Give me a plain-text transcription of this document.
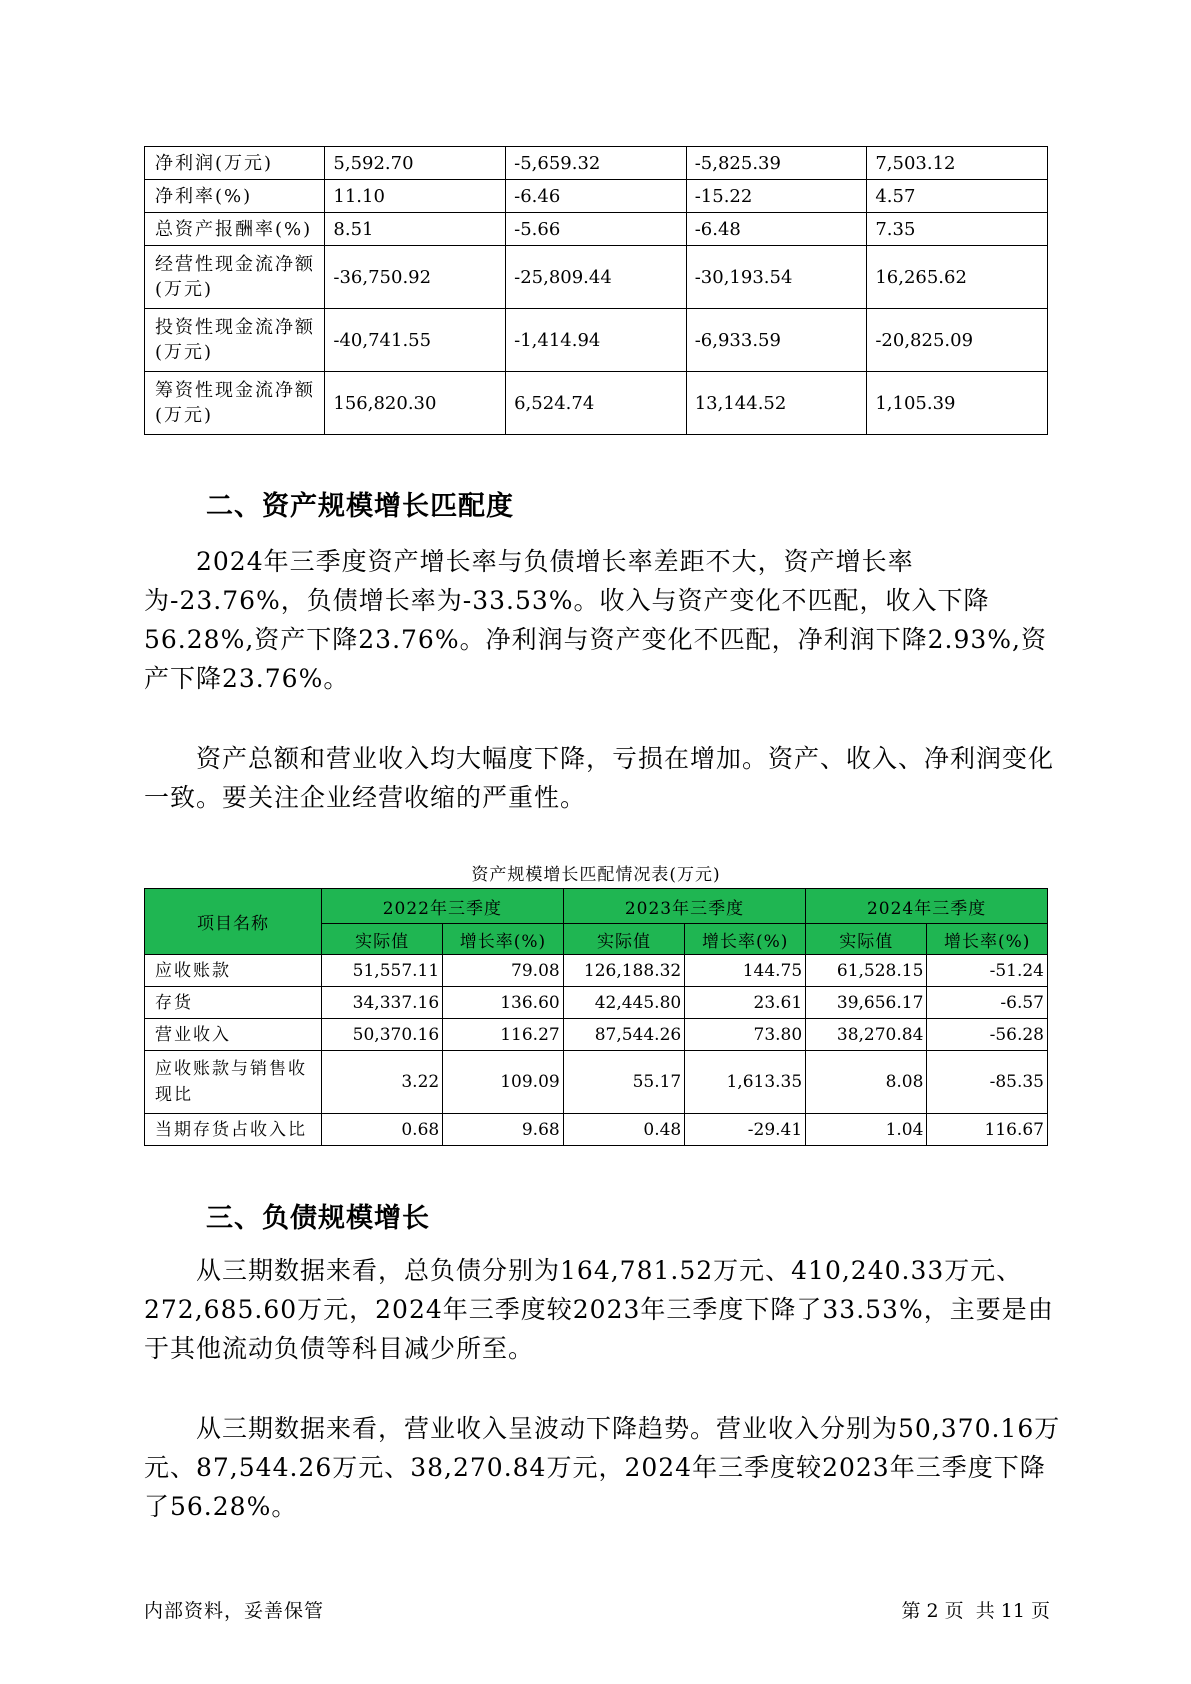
净利润(万元)	5,592.70	-5,659.32	-5,825.39	7,503.12
净利率(%)	11.10	-6.46	-15.22	4.57
总资产报酬率(%)	8.51	-5.66	-6.48	7.35
经营性现金流净额(万元)	-36,750.92	-25,809.44	-30,193.54	16,265.62
投资性现金流净额(万元)	-40,741.55	-1,414.94	-6,933.59	-20,825.09
筹资性现金流净额(万元)	156,820.30	6,524.74	13,144.52	1,105.39
二、资产规模增长匹配度

2024年三季度资产增长率与负债增长率差距不大，资产增长率为-23.76%，负债增长率为-33.53%。收入与资产变化不匹配，收入下降56.28%,资产下降23.76%。净利润与资产变化不匹配，净利润下降2.93%,资产下降23.76%。

资产总额和营业收入均大幅度下降，亏损在增加。资产、收入、净利润变化一致。要关注企业经营收缩的严重性。

资产规模增长匹配情况表(万元)
项目名称	2022年三季度		2023年三季度		2024年三季度	
	实际值	增长率(%)	实际值	增长率(%)	实际值	增长率(%)
应收账款	51,557.11	79.08	126,188.32	144.75	61,528.15	-51.24
存货	34,337.16	136.60	42,445.80	23.61	39,656.17	-6.57
营业收入	50,370.16	116.27	87,544.26	73.80	38,270.84	-56.28
应收账款与销售收现比	3.22	109.09	55.17	1,613.35	8.08	-85.35
当期存货占收入比	0.68	9.68	0.48	-29.41	1.04	116.67
三、负债规模增长

从三期数据来看，总负债分别为164,781.52万元、410,240.33万元、272,685.60万元，2024年三季度较2023年三季度下降了33.53%，主要是由于其他流动负债等科目减少所至。

从三期数据来看，营业收入呈波动下降趋势。营业收入分别为50,370.16万元、87,544.26万元、38,270.84万元，2024年三季度较2023年三季度下降了56.28%。

内部资料，妥善保管	第 2 页  共 11 页
